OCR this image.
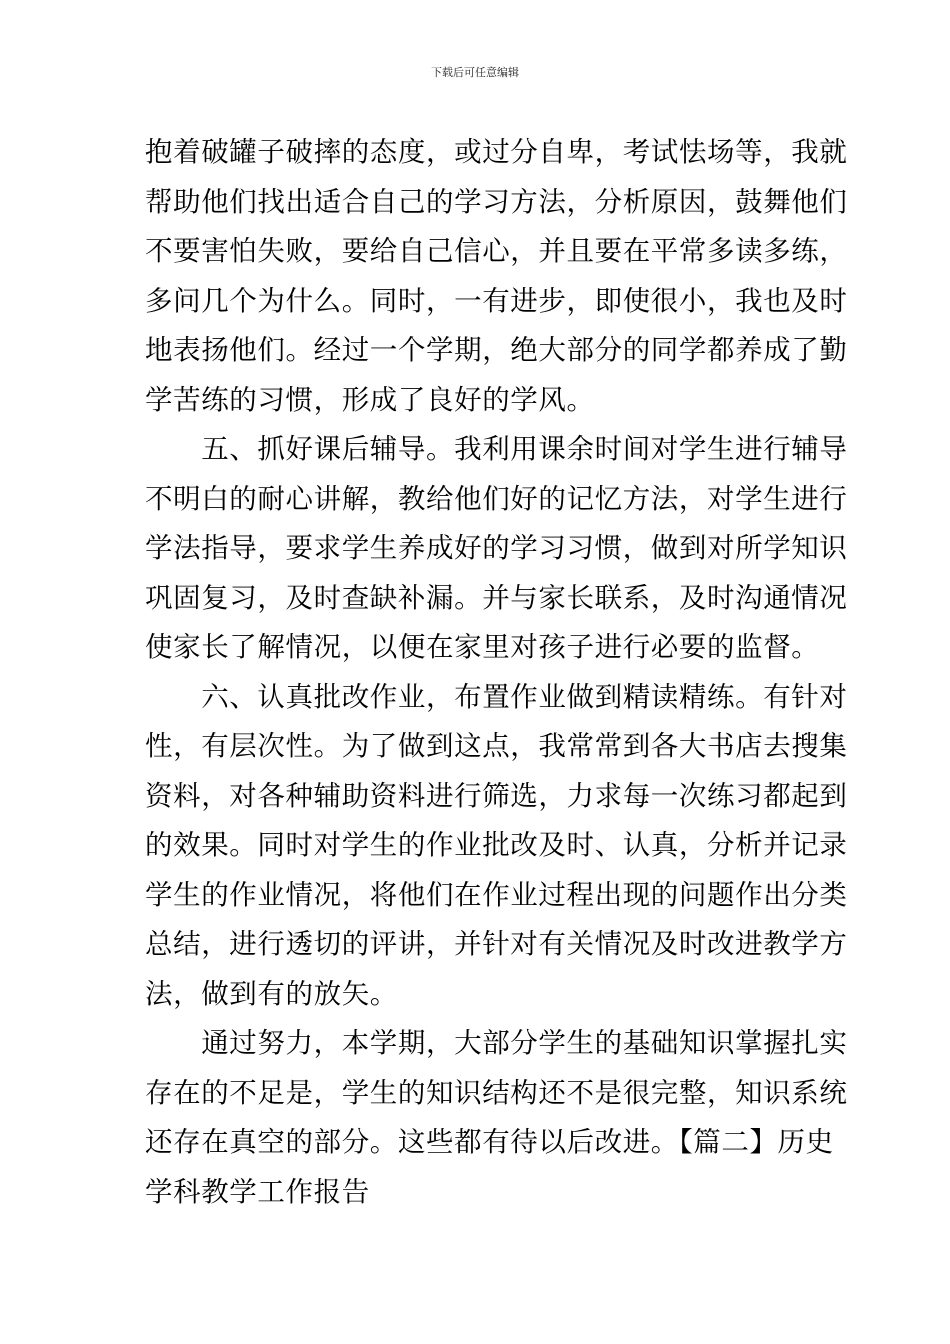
下载后可任意编辑
抱着破罐子破摔的态度，或过分自卑，考试怯场等，我就
帮助他们找出适合自己的学习方法，分析原因，鼓舞他们
不要害怕失败，要给自己信心，并且要在平常多读多练，
多问几个为什么。同时，一有进步，即使很小，我也及时
地表扬他们。经过一个学期，绝大部分的同学都养成了勤
学苦练的习惯，形成了良好的学风。
　　五、抓好课后辅导。我利用课余时间对学生进行辅导
不明白的耐心讲解，教给他们好的记忆方法，对学生进行
学法指导，要求学生养成好的学习习惯，做到对所学知识
巩固复习，及时查缺补漏。并与家长联系，及时沟通情况
使家长了解情况，以便在家里对孩子进行必要的监督。
　　六、认真批改作业，布置作业做到精读精练。有针对
性，有层次性。为了做到这点，我常常到各大书店去搜集
资料，对各种辅助资料进行筛选，力求每一次练习都起到
的效果。同时对学生的作业批改及时、认真，分析并记录
学生的作业情况，将他们在作业过程出现的问题作出分类
总结，进行透切的评讲，并针对有关情况及时改进教学方
法，做到有的放矢。
　　通过努力，本学期，大部分学生的基础知识掌握扎实
存在的不足是，学生的知识结构还不是很完整，知识系统
还存在真空的部分。这些都有待以后改进。【篇二】历史
学科教学工作报告
